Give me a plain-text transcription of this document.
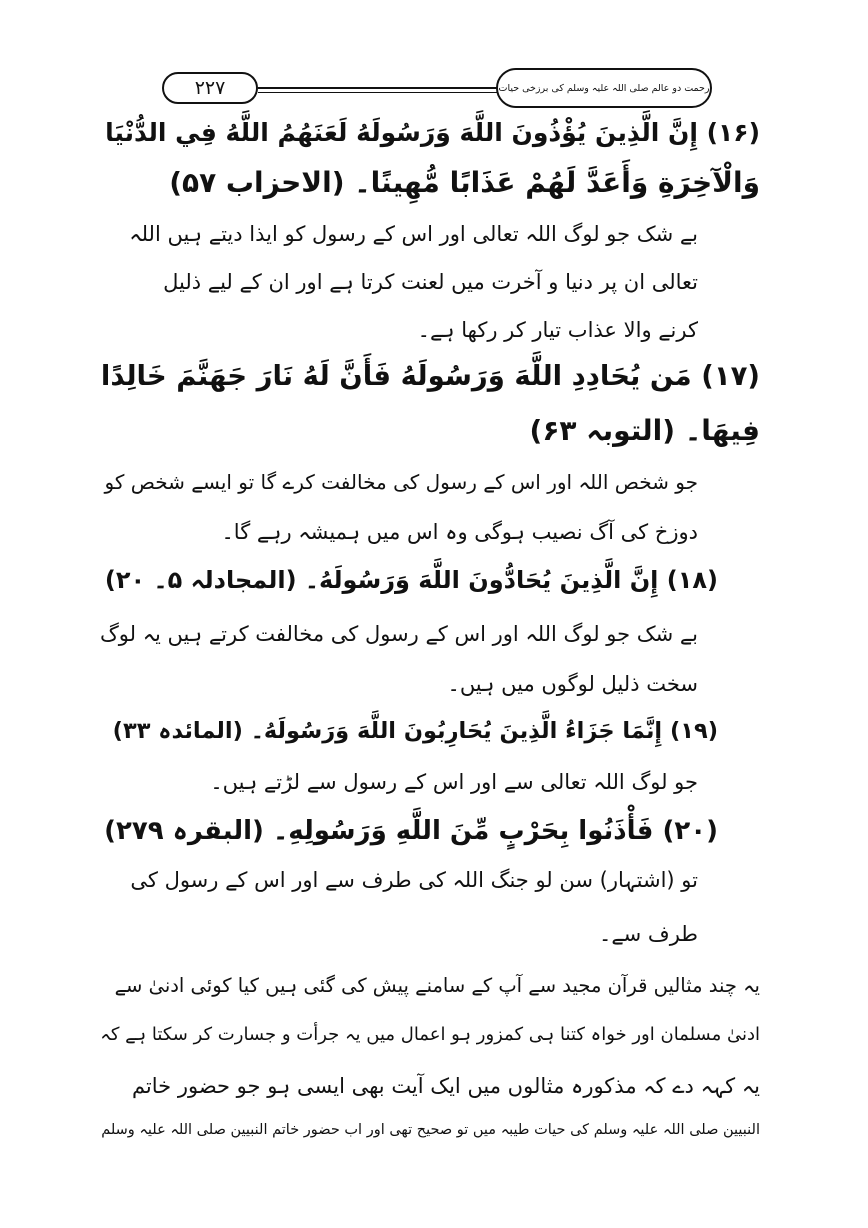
۲۲۷	رحمت دو عالم صلی اللہ علیہ وسلم کی برزخی حیات
(۱۶) إِنَّ الَّذِينَ يُؤْذُونَ اللَّهَ وَرَسُولَهُ لَعَنَهُمُ اللَّهُ فِي الدُّنْيَا
وَالْآخِرَةِ وَأَعَدَّ لَهُمْ عَذَابًا مُّهِينًا۔ (الاحزاب ۵۷)
بے شک جو لوگ اللہ تعالی اور اس کے رسول کو ایذا دیتے ہیں اللہ
تعالی ان پر دنیا و آخرت میں لعنت کرتا ہے اور ان کے لیے ذلیل
کرنے والا عذاب تیار کر رکھا ہے۔
(۱۷) مَن يُحَادِدِ اللَّهَ وَرَسُولَهُ فَأَنَّ لَهُ نَارَ جَهَنَّمَ خَالِدًا
فِيهَا۔ (التوبہ ۶۳)
جو شخص اللہ اور اس کے رسول کی مخالفت کرے گا تو ایسے شخص کو
دوزخ کی آگ نصیب ہوگی وہ اس میں ہمیشہ رہے گا۔
(۱۸) إِنَّ الَّذِينَ يُحَادُّونَ اللَّهَ وَرَسُولَهُ۔ (المجادلہ ۵۔ ۲۰)
بے شک جو لوگ اللہ اور اس کے رسول کی مخالفت کرتے ہیں یہ لوگ
سخت ذلیل لوگوں میں ہیں۔
(۱۹) إِنَّمَا جَزَاءُ الَّذِينَ يُحَارِبُونَ اللَّهَ وَرَسُولَهُ۔ (المائدہ ۳۳)
جو لوگ اللہ تعالی سے اور اس کے رسول سے لڑتے ہیں۔
(۲۰) فَأْذَنُوا بِحَرْبٍ مِّنَ اللَّهِ وَرَسُولِهِ۔ (البقرہ ۲۷۹)
تو (اشتہار) سن لو جنگ اللہ کی طرف سے اور اس کے رسول کی
طرف سے۔
یہ چند مثالیں قرآن مجید سے آپ کے سامنے پیش کی گئی ہیں کیا کوئی ادنیٰ سے
ادنیٰ مسلمان اور خواہ کتنا ہی کمزور ہو اعمال میں یہ جرأت و جسارت کر سکتا ہے کہ
یہ کہہ دے کہ مذکورہ مثالوں میں ایک آیت بھی ایسی ہو جو حضور خاتم
النبیین صلی اللہ علیہ وسلم کی حیات طیبہ میں تو صحیح تھی اور اب حضور خاتم النبیین صلی اللہ علیہ وسلم
